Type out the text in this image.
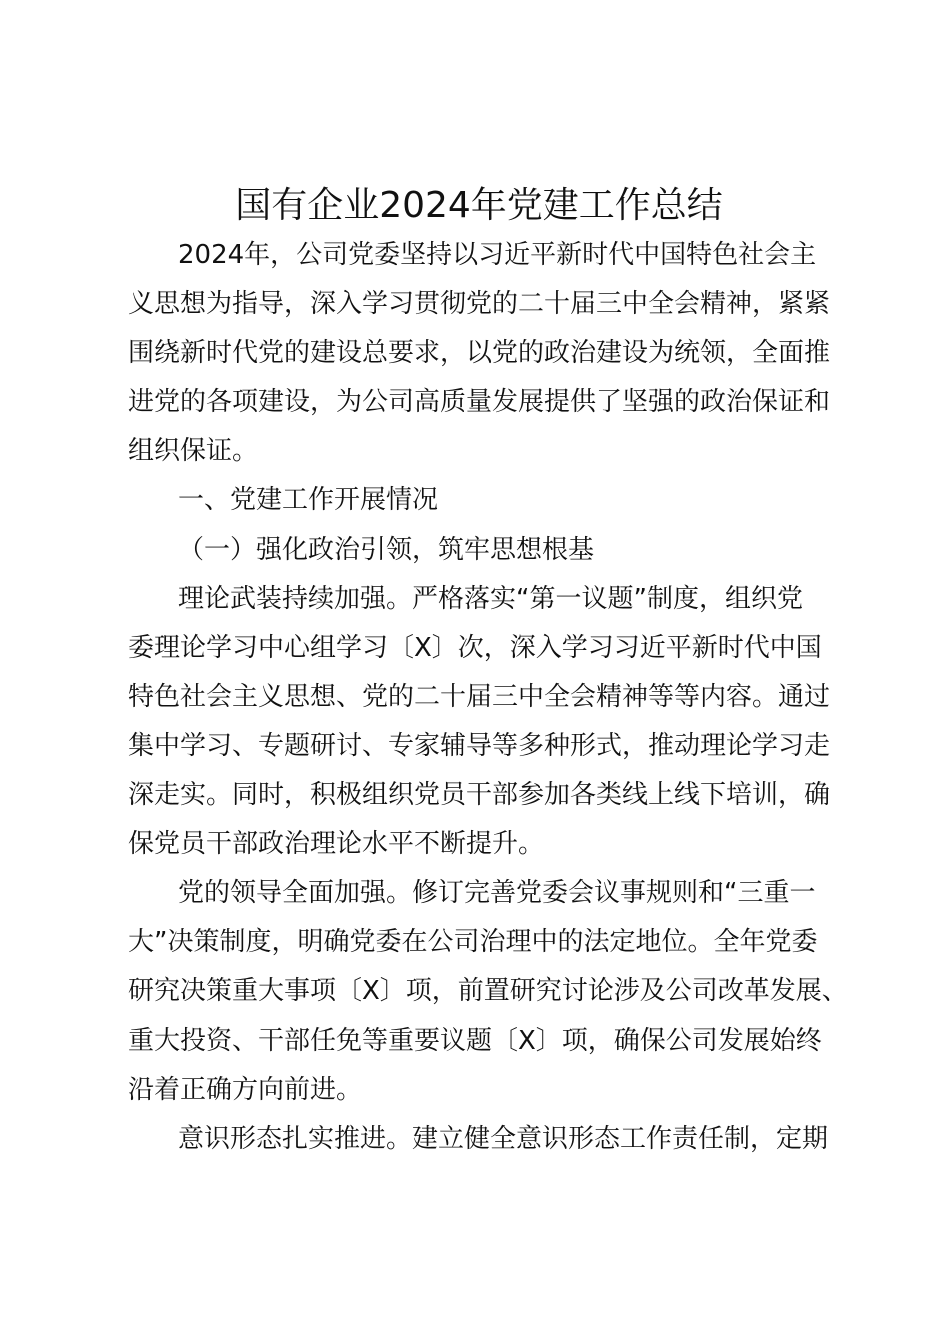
国有企业2024年党建工作总结
2024年，公司党委坚持以习近平新时代中国特色社会主
义思想为指导，深入学习贯彻党的二十届三中全会精神，紧紧
围绕新时代党的建设总要求，以党的政治建设为统领，全面推
进党的各项建设，为公司高质量发展提供了坚强的政治保证和
组织保证。
一、党建工作开展情况
（一）强化政治引领，筑牢思想根基
理论武装持续加强。严格落实“第一议题”制度，组织党
委理论学习中心组学习〔X〕次，深入学习习近平新时代中国
特色社会主义思想、党的二十届三中全会精神等等内容。通过
集中学习、专题研讨、专家辅导等多种形式，推动理论学习走
深走实。同时，积极组织党员干部参加各类线上线下培训，确
保党员干部政治理论水平不断提升。
党的领导全面加强。修订完善党委会议事规则和“三重一
大”决策制度，明确党委在公司治理中的法定地位。全年党委
研究决策重大事项〔X〕项，前置研究讨论涉及公司改革发展、
重大投资、干部任免等重要议题〔X〕项，确保公司发展始终
沿着正确方向前进。
意识形态扎实推进。建立健全意识形态工作责任制，定期
